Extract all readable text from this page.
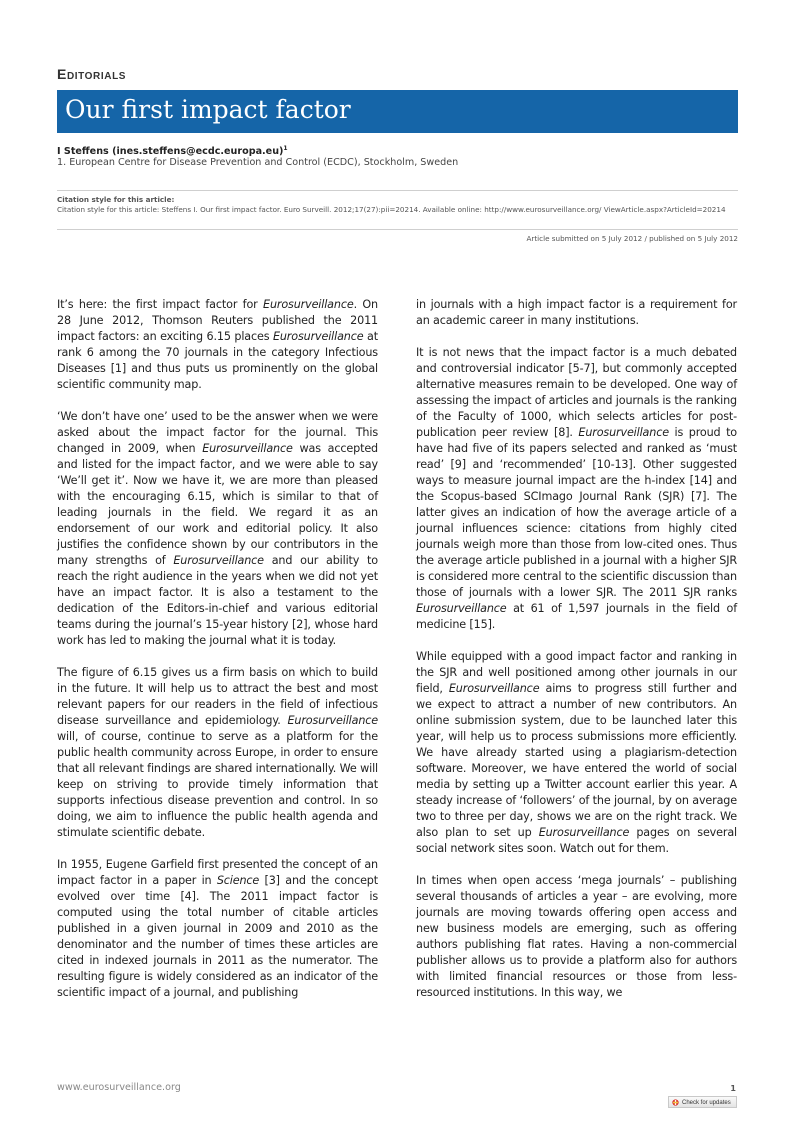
Editorials
Our first impact factor
I Steffens (ines.steffens@ecdc.europa.eu)$^1$
1. European Centre for Disease Prevention and Control (ECDC), Stockholm, Sweden
Citation style for this article:
Citation style for this article: Steffens I. Our first impact factor. Euro Surveill. 2012;17(27):pii=20214. Available online: http://www.eurosurveillance.org/ ViewArticle.aspx?ArticleId=20214
Article submitted on 5 July 2012 / published on 5 July 2012

It’s here: the first impact factor for Eurosurveillance. On 28 June 2012, Thomson Reuters published the 2011 impact factors: an exciting 6.15 places Eurosurveillance at rank 6 among the 70 journals in the category Infectious Diseases [1] and thus puts us prominently on the global scientific community map.

‘We don’t have one’ used to be the answer when we were asked about the impact factor for the journal. This changed in 2009, when Eurosurveillance was accepted and listed for the impact factor, and we were able to say ‘We’ll get it’. Now we have it, we are more than pleased with the encouraging 6.15, which is similar to that of leading journals in the field. We regard it as an endorsement of our work and editorial policy. It also justifies the confidence shown by our contributors in the many strengths of Eurosurveillance and our ability to reach the right audience in the years when we did not yet have an impact factor. It is also a testament to the dedication of the Editors-in-chief and various editorial teams during the journal’s 15-year history [2], whose hard work has led to making the journal what it is today.

The figure of 6.15 gives us a firm basis on which to build in the future. It will help us to attract the best and most relevant papers for our readers in the field of infectious disease surveillance and epidemiology. Eurosurveillance will, of course, continue to serve as a platform for the public health community across Europe, in order to ensure that all relevant findings are shared internationally. We will keep on striving to provide timely information that supports infectious disease prevention and control. In so doing, we aim to influence the public health agenda and stimulate scientific debate.

In 1955, Eugene Garfield first presented the concept of an impact factor in a paper in Science [3] and the concept evolved over time [4]. The 2011 impact factor is computed using the total number of citable articles published in a given journal in 2009 and 2010 as the denominator and the number of times these articles are cited in indexed journals in 2011 as the numerator. The resulting figure is widely considered as an indicator of the scientific impact of a journal, and publishing

in journals with a high impact factor is a requirement for an academic career in many institutions.

It is not news that the impact factor is a much debated and controversial indicator [5-7], but commonly accepted alternative measures remain to be developed. One way of assessing the impact of articles and journals is the ranking of the Faculty of 1000, which selects articles for post-publication peer review [8]. Eurosurveillance is proud to have had five of its papers selected and ranked as ‘must read’ [9] and ‘recommended’ [10-13]. Other suggested ways to measure journal impact are the h-index [14] and the Scopus-based SCImago Journal Rank (SJR) [7]. The latter gives an indication of how the average article of a journal influences science: citations from highly cited journals weigh more than those from low-cited ones. Thus the average article published in a journal with a higher SJR is considered more central to the scientific discussion than those of journals with a lower SJR. The 2011 SJR ranks Eurosurveillance at 61 of 1,597 journals in the field of medicine [15].

While equipped with a good impact factor and ranking in the SJR and well positioned among other journals in our field, Eurosurveillance aims to progress still further and we expect to attract a number of new contributors. An online submission system, due to be launched later this year, will help us to process submissions more efficiently. We have already started using a plagiarism-detection software. Moreover, we have entered the world of social media by setting up a Twitter account earlier this year. A steady increase of ‘followers’ of the journal, by on average two to three per day, shows we are on the right track. We also plan to set up Eurosurveillance pages on several social network sites soon. Watch out for them.

In times when open access ‘mega journals’ – publishing several thousands of articles a year – are evolving, more journals are moving towards offering open access and new business models are emerging, such as offering authors publishing flat rates. Having a non-commercial publisher allows us to provide a platform also for authors with limited financial resources or those from less-resourced institutions. In this way, we

www.eurosurveillance.org	1
Check for updates
